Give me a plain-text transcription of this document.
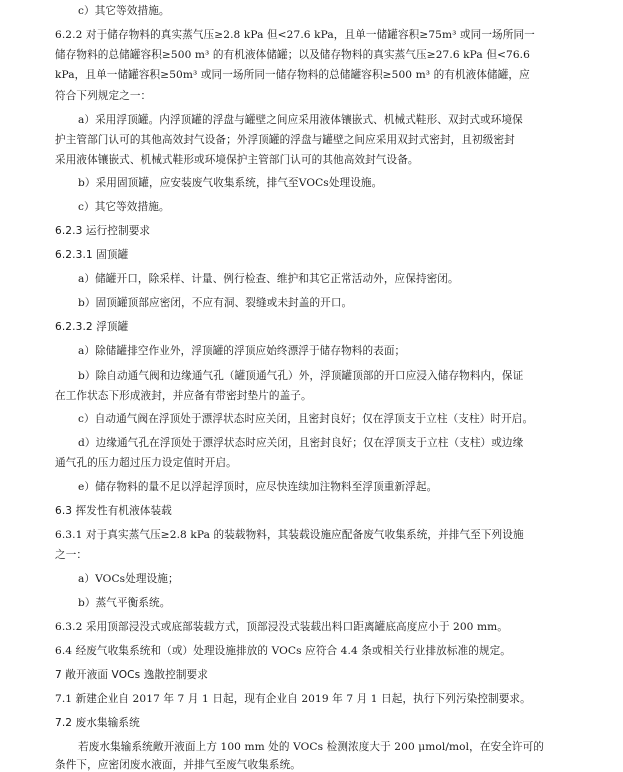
c）其它等效措施。
6.2.2 对于储存物料的真实蒸气压≥2.8 kPa 但<27.6 kPa，且单一储罐容积≥75m³ 或同一场所同一
储存物料的总储罐容积≥500 m³ 的有机液体储罐；以及储存物料的真实蒸气压≥27.6 kPa 但<76.6
kPa，且单一储罐容积≥50m³ 或同一场所同一储存物料的总储罐容积≥500 m³ 的有机液体储罐，应
符合下列规定之一：
a）采用浮顶罐。内浮顶罐的浮盘与罐壁之间应采用液体镶嵌式、机械式鞋形、双封式或环境保
护主管部门认可的其他高效封气设备；外浮顶罐的浮盘与罐壁之间应采用双封式密封，且初级密封
采用液体镶嵌式、机械式鞋形或环境保护主管部门认可的其他高效封气设备。
b）采用固顶罐，应安装废气收集系统，排气至VOCs处理设施。
c）其它等效措施。
6.2.3 运行控制要求
6.2.3.1 固顶罐
a）储罐开口，除采样、计量、例行检查、维护和其它正常活动外，应保持密闭。
b）固顶罐顶部应密闭，不应有洞、裂缝或未封盖的开口。
6.2.3.2 浮顶罐
a）除储罐排空作业外，浮顶罐的浮顶应始终漂浮于储存物料的表面；
b）除自动通气阀和边缘通气孔（罐顶通气孔）外，浮顶罐顶部的开口应浸入储存物料内，保证
在工作状态下形成液封，并应备有带密封垫片的盖子。
c）自动通气阀在浮顶处于漂浮状态时应关闭，且密封良好；仅在浮顶支于立柱（支柱）时开启。
d）边缘通气孔在浮顶处于漂浮状态时应关闭，且密封良好；仅在浮顶支于立柱（支柱）或边缘
通气孔的压力超过压力设定值时开启。
e）储存物料的量不足以浮起浮顶时，应尽快连续加注物料至浮顶重新浮起。
6.3 挥发性有机液体装载
6.3.1 对于真实蒸气压≥2.8 kPa 的装载物料，其装载设施应配备废气收集系统，并排气至下列设施
之一：
a）VOCs处理设施；
b）蒸气平衡系统。
6.3.2 采用顶部浸没式或底部装载方式，顶部浸没式装载出料口距离罐底高度应小于 200 mm。
6.4 经废气收集系统和（或）处理设施排放的 VOCs 应符合 4.4 条或相关行业排放标准的规定。
7 敞开液面 VOCs 逸散控制要求
7.1 新建企业自 2017 年 7 月 1 日起，现有企业自 2019 年 7 月 1 日起，执行下列污染控制要求。
7.2 废水集输系统
若废水集输系统敞开液面上方 100 mm 处的 VOCs 检测浓度大于 200 μmol/mol，在安全许可的
条件下，应密闭废水液面，并排气至废气收集系统。
